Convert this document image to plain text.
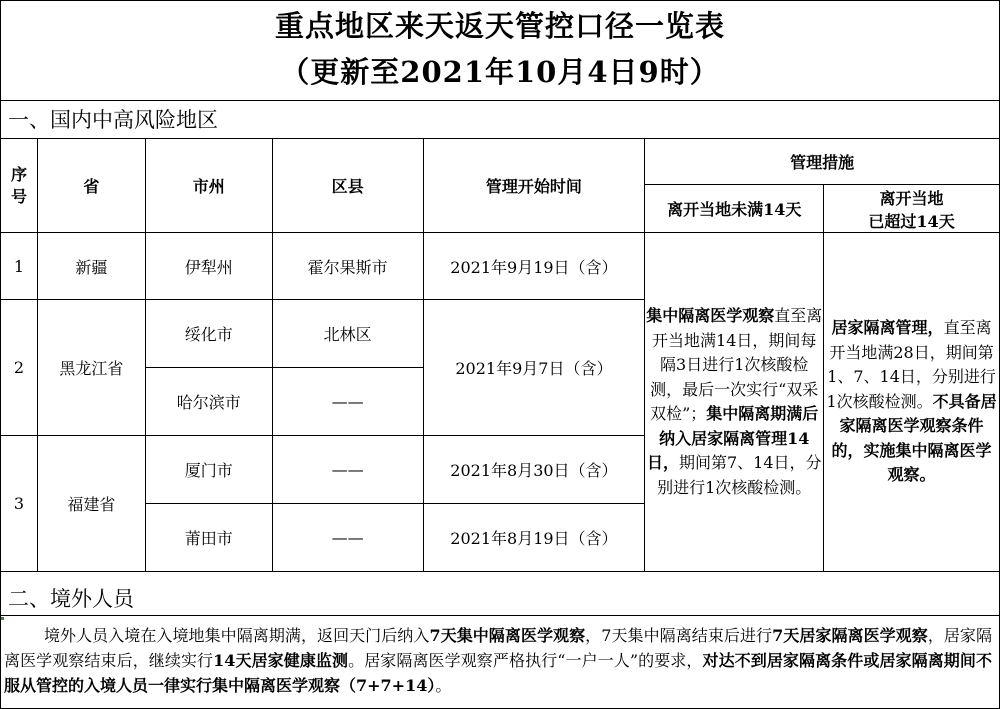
重点地区来天返天管控口径一览表
（更新至2021年10月4日9时）
一、国内中高风险地区
序号	省	市州	区县	管理开始时间	管理措施	
					离开当地未满14天	离开当地
已超过14天

1	新疆	伊犁州	霍尔果斯市	2021年9月19日（含）	集中隔离医学观察直至离开当地满14日，期间每隔3日进行1次核酸检测，最后一次实行“双采双检”；集中隔离期满后纳入居家隔离管理14日，期间第7、14日，分别进行1次核酸检测。	居家隔离管理，直至离开当地满28日，期间第1、7、14日，分别进行1次核酸检测。不具备居家隔离医学观察条件的，实施集中隔离医学观察。
2	黑龙江省	绥化市	北林区	2021年9月7日（含）		
		哈尔滨市	——			
3	福建省	厦门市	——	2021年8月30日（含）		
		莆田市	——	2021年8月19日（含）		
二、境外人员
境外人员入境在入境地集中隔离期满，返回天门后纳入7天集中隔离医学观察，7天集中隔离结束后进行7天居家隔离医学观察，居家隔离医学观察结束后，继续实行14天居家健康监测。居家隔离医学观察严格执行“一户一人”的要求，对达不到居家隔离条件或居家隔离期间不服从管控的入境人员一律实行集中隔离医学观察（7+7+14）。
